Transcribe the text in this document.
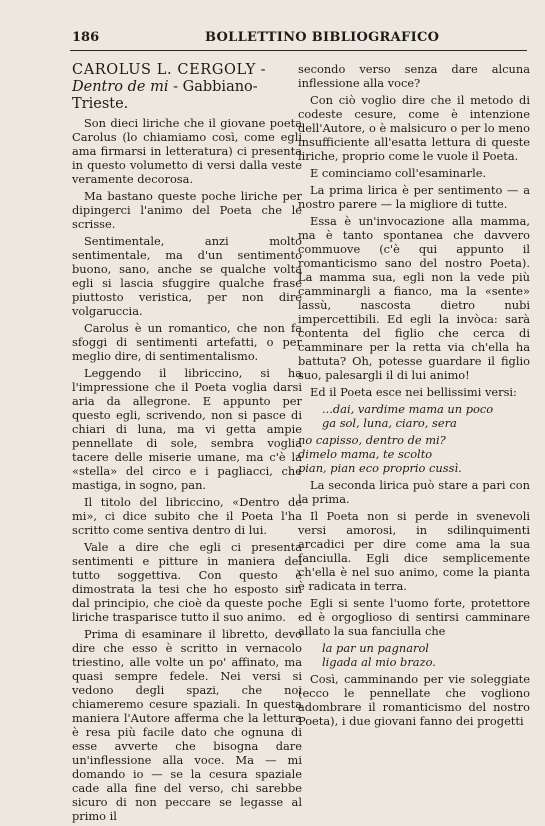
186	BOLLETTINO BIBLIOGRAFICO

CAROLUS L. CERGOLY - Dentro de mi - Gabbiano-Trieste.

Son dieci liriche che il giovane poeta Carolus (lo chiamiamo così, come egli ama firmarsi in letteratura) ci presenta in questo volumetto di versi dalla veste veramente decorosa.

Ma bastano queste poche liriche per dipingerci l'animo del Poeta che le scrisse.

Sentimentale, anzi molto sentimentale, ma d'un sentimento buono, sano, anche se qualche volta egli si lascia sfuggire qualche frase piuttosto veristica, per non dire volgaruccia.

Carolus è un romantico, che non fa sfoggi di sentimenti artefatti, o per meglio dire, di sentimentalismo.

Leggendo il libriccino, si ha l'impressione che il Poeta voglia darsi aria da allegrone. E appunto per questo egli, scrivendo, non si pasce di chiari di luna, ma vi getta ampie pennellate di sole, sembra voglia tacere delle miserie umane, ma c'è la «stella» del circo e i pagliacci, che mastiga, in sogno, pan.

Il titolo del libriccino, «Dentro de mi», ci dice subito che il Poeta l'ha scritto come sentiva dentro di lui.

Vale a dire che egli ci presenta sentimenti e pitture in maniera del tutto soggettiva. Con questo è dimostrata la tesi che ho esposto sin dal principio, che cioè da queste poche liriche trasparisce tutto il suo animo.

Prima di esaminare il libretto, devo dire che esso è scritto in vernacolo triestino, alle volte un po' affinato, ma quasi sempre fedele. Nei versi si vedono degli spazi, che noi chiameremo cesure spaziali. In questa maniera l'Autore afferma che la lettura è resa più facile dato che ognuna di esse avverte che bisogna dare un'inflessione alla voce. Ma — mi domando io — se la cesura spaziale cade alla fine del verso, chi sarebbe sicuro di non peccare se legasse al primo il

secondo verso senza dare alcuna inflessione alla voce?

Con ciò voglio dire che il metodo di codeste cesure, come è intenzione dell'Autore, o è malsicuro o per lo meno insufficiente all'esatta lettura di queste liriche, proprio come le vuole il Poeta.

E cominciamo coll'esaminarle.

La prima lirica è per sentimento — a nostro parere — la migliore di tutte.

Essa è un'invocazione alla mamma, ma è tanto spontanea che davvero commuove (c'è qui appunto il romanticismo sano del nostro Poeta). La mamma sua, egli non la vede più camminargli a fianco, ma la «sente» lassù, nascosta dietro nubi impercettibili. Ed egli la invòca: sarà contenta del figlio che cerca di camminare per la retta via ch'ella ha battuta? Oh, potesse guardare il figlio suo, palesargli il di lui animo!

Ed il Poeta esce nei bellissimi versi:

...dai, vardime mama un poco
ga sol, luna, ciaro, sera
no capisso, dentro de mi?
dimelo mama, te scolto
pian, pian eco proprio cussì.

La seconda lirica può stare a pari con la prima.

Il Poeta non si perde in svenevoli versi amorosi, in sdilinquimenti arcadici per dire come ama la sua fanciulla. Egli dice semplicemente ch'ella è nel suo animo, come la pianta è radicata in terra.

Egli si sente l'uomo forte, protettore ed è orgoglioso di sentirsi camminare allato la sua fanciulla che

la par un pagnarol
ligada al mio brazo.

Così, camminando per vie soleggiate (ecco le pennellate che vogliono adombrare il romanticismo del nostro Poeta), i due giovani fanno dei progetti
